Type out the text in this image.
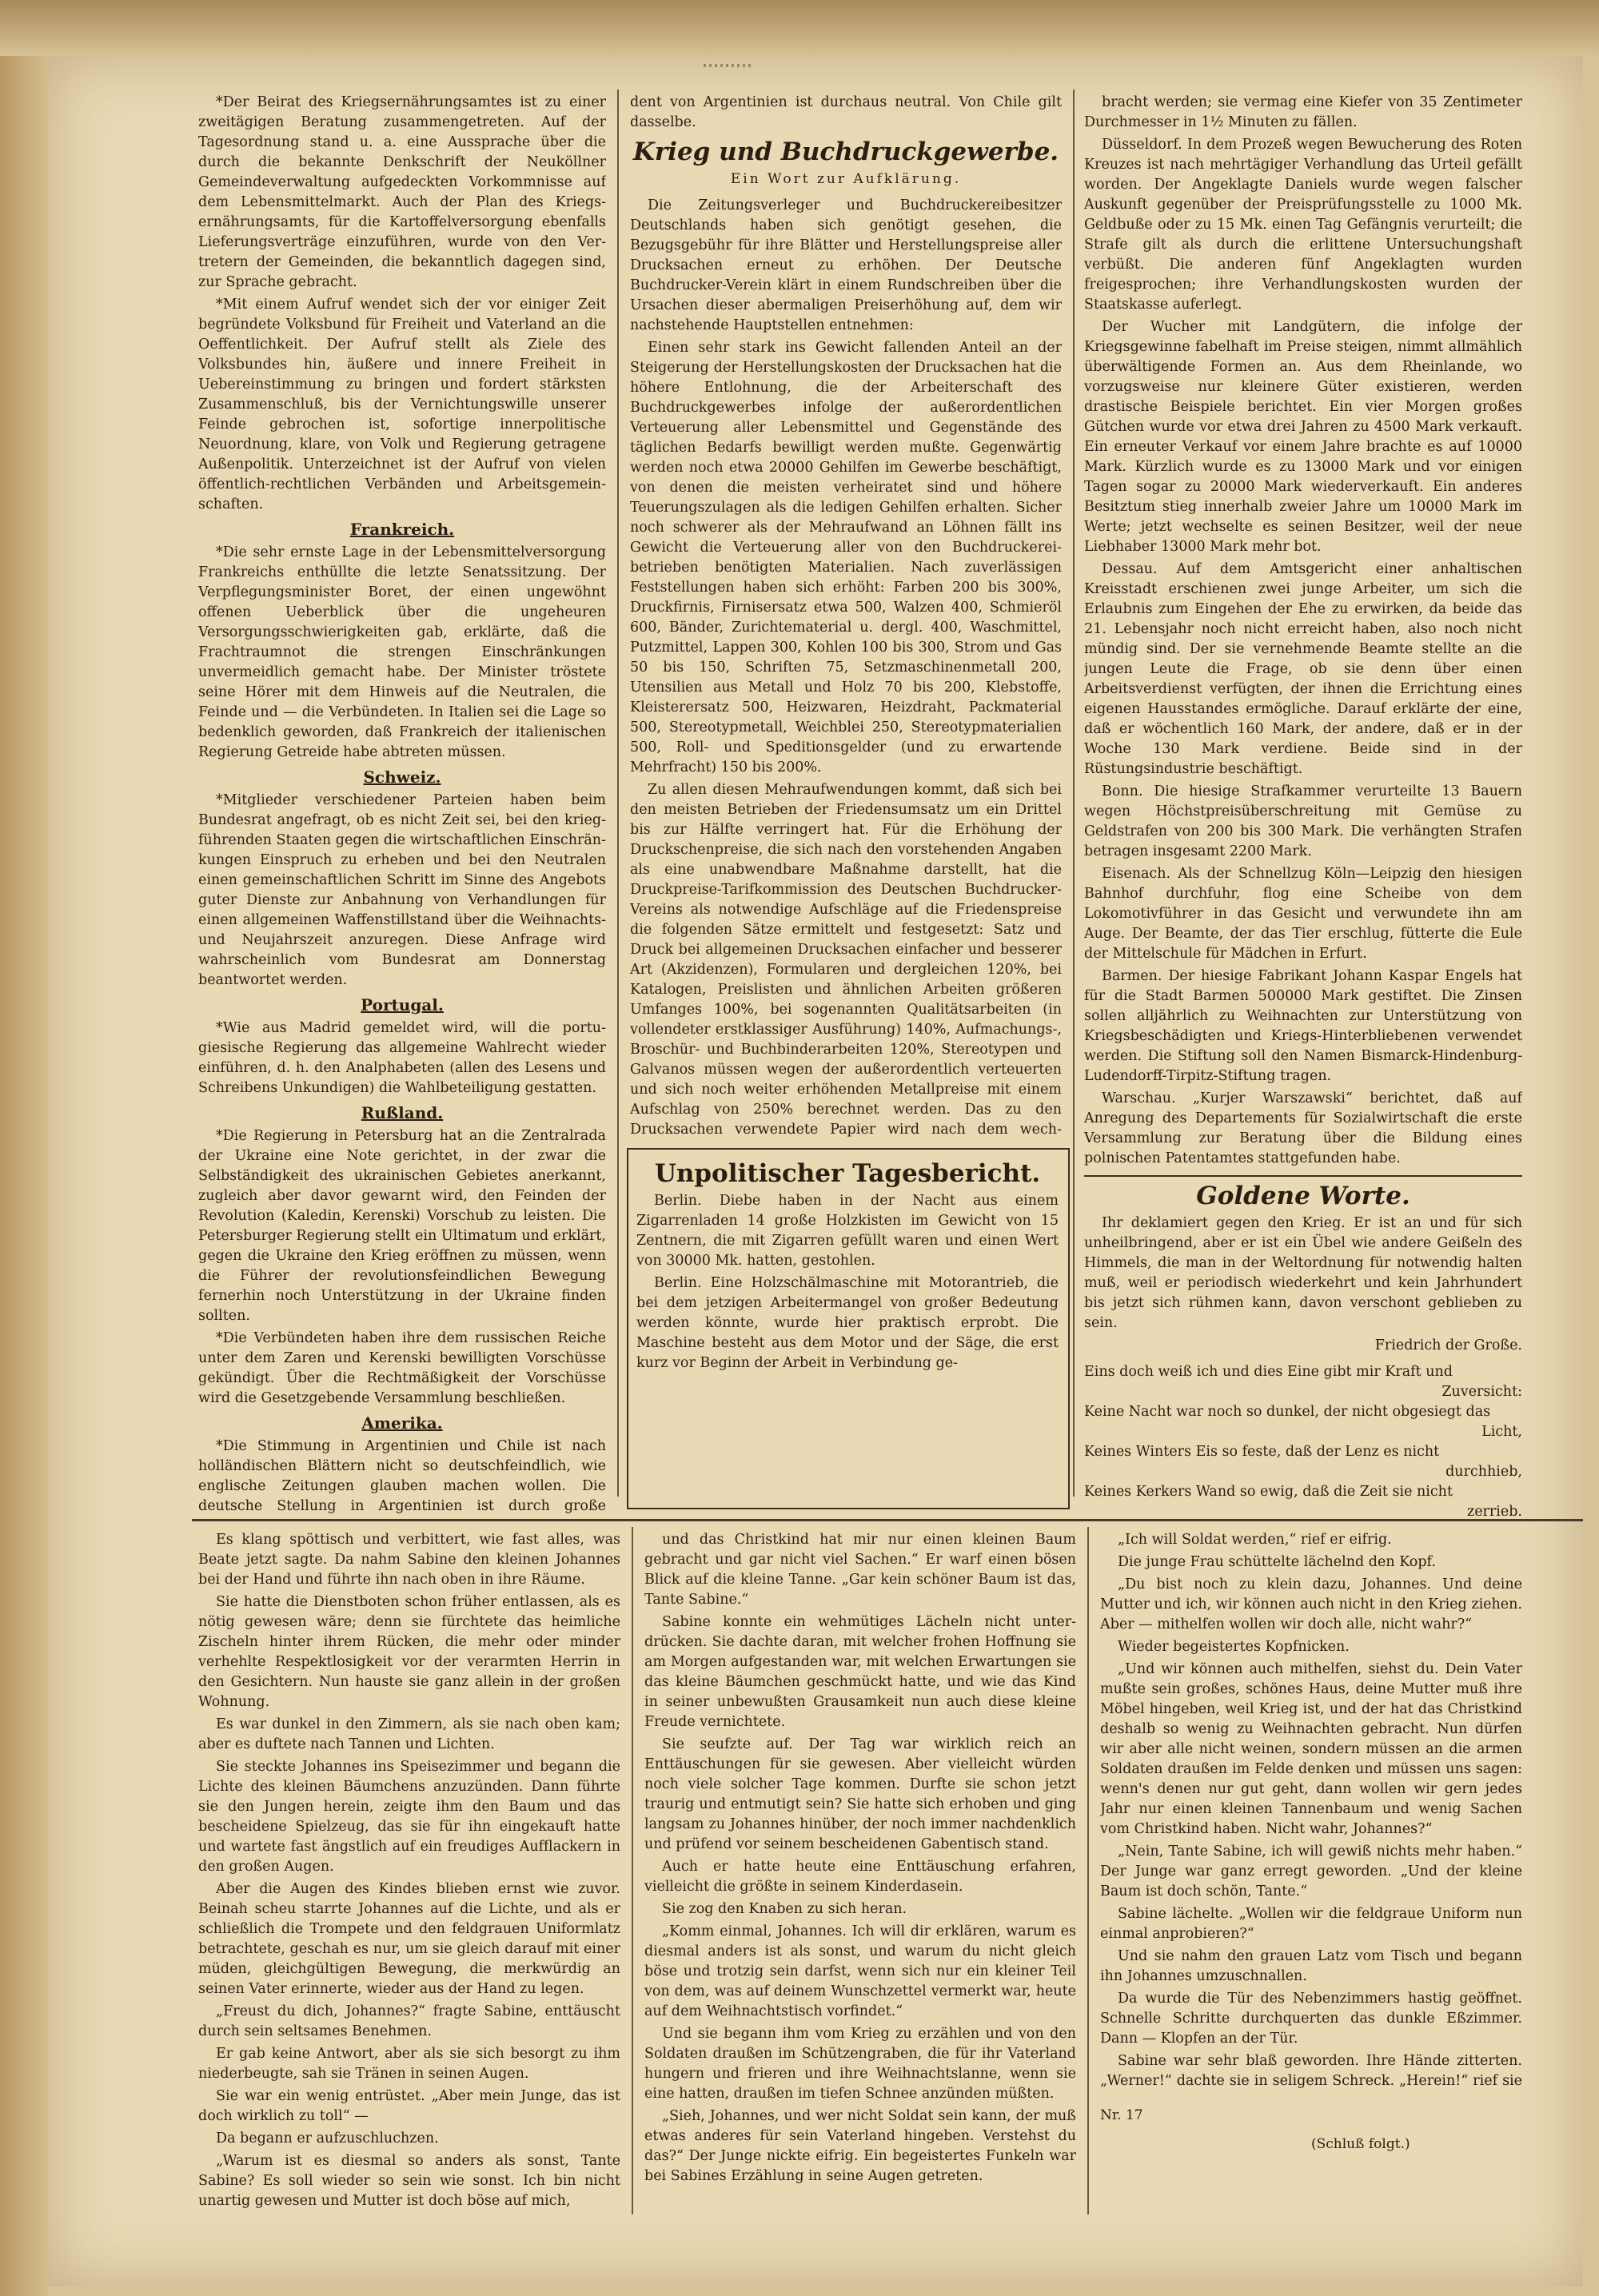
*Der Beirat des Kriegsernährungsamtes ist zu einer zweitägigen Beratung zusammengetreten. Auf der Tagesordnung stand u. a. eine Aussprache über die durch die bekannte Denkschrift der Neuköllner Gemeindeverwaltung aufgedeckten Vorkommnisse auf dem Lebensmittelmarkt. Auch der Plan des Kriegsernährungsamts, für die Kartoffelversorgung ebenfalls Lieferungsverträge einzuführen, wurde von den Vertretern der Gemeinden, die bekanntlich dagegen sind, zur Sprache gebracht.

*Mit einem Aufruf wendet sich der vor einiger Zeit begründete Volksbund für Freiheit und Vaterland an die Oeffentlichkeit. Der Aufruf stellt als Ziele des Volksbundes hin, äußere und innere Freiheit in Uebereinstimmung zu bringen und fordert stärksten Zusammenschluß, bis der Vernichtungswille unserer Feinde gebrochen ist, sofortige innerpolitische Neuordnung, klare, von Volk und Regierung getragene Außenpolitik. Unterzeichnet ist der Aufruf von vielen öffentlich-rechtlichen Verbänden und Arbeitsgemeinschaften.

Frankreich.

*Die sehr ernste Lage in der Lebensmittelversorgung Frankreichs enthüllte die letzte Senatssitzung. Der Verpflegungsminister Boret, der einen ungewöhnt offenen Ueberblick über die ungeheuren Versorgungsschwierigkeiten gab, erklärte, daß die Frachtraumnot die strengen Einschränkungen unvermeidlich gemacht habe. Der Minister tröstete seine Hörer mit dem Hinweis auf die Neutralen, die Feinde und — die Verbündeten. In Italien sei die Lage so bedenklich geworden, daß Frankreich der italienischen Regierung Getreide habe abtreten müssen.

Schweiz.

*Mitglieder verschiedener Parteien haben beim Bundesrat angefragt, ob es nicht Zeit sei, bei den kriegführenden Staaten gegen die wirtschaftlichen Einschränkungen Einspruch zu erheben und bei den Neutralen einen gemeinschaftlichen Schritt im Sinne des Angebots guter Dienste zur Anbahnung von Verhandlungen für einen allgemeinen Waffenstillstand über die Weihnachts- und Neujahrszeit anzuregen. Diese Anfrage wird wahrscheinlich vom Bundesrat am Donnerstag beantwortet werden.

Portugal.

*Wie aus Madrid gemeldet wird, will die portugiesische Regierung das allgemeine Wahlrecht wieder einführen, d. h. den Analphabeten (allen des Lesens und Schreibens Unkundigen) die Wahlbeteiligung gestatten.

Rußland.

*Die Regierung in Petersburg hat an die Zentralrada der Ukraine eine Note gerichtet, in der zwar die Selbständigkeit des ukrainischen Gebietes anerkannt, zugleich aber davor gewarnt wird, den Feinden der Revolution (Kaledin, Kerenski) Vorschub zu leisten. Die Petersburger Regierung stellt ein Ultimatum und erklärt, gegen die Ukraine den Krieg eröffnen zu müssen, wenn die Führer der revolutionsfeindlichen Bewegung fernerhin noch Unterstützung in der Ukraine finden sollten.

*Die Verbündeten haben ihre dem russischen Reiche unter dem Zaren und Kerenski bewilligten Vorschüsse gekündigt. Über die Rechtmäßigkeit der Vorschüsse wird die Gesetzgebende Versammlung beschließen.

Amerika.

*Die Stimmung in Argentinien und Chile ist nach holländischen Blättern nicht so deutschfeindlich, wie englische Zeitungen glauben machen wollen. Die deutsche Stellung in Argentinien ist durch große

dent von Argentinien ist durchaus neutral. Von Chile gilt dasselbe.

Krieg und Buchdruckgewerbe.
Ein Wort zur Aufklärung.

Die Zeitungsverleger und Buchdruckereibesitzer Deutschlands haben sich genötigt gesehen, die Bezugsgebühr für ihre Blätter und Herstellungspreise aller Drucksachen erneut zu erhöhen. Der Deutsche Buchdrucker-Verein klärt in einem Rundschreiben über die Ursachen dieser abermaligen Preiserhöhung auf, dem wir nachstehende Hauptstellen entnehmen:

Einen sehr stark ins Gewicht fallenden Anteil an der Steigerung der Herstellungskosten der Drucksachen hat die höhere Entlohnung, die der Arbeiterschaft des Buchdruckgewerbes infolge der außerordentlichen Verteuerung aller Lebensmittel und Gegenstände des täglichen Bedarfs bewilligt werden mußte. Gegenwärtig werden noch etwa 20000 Gehilfen im Gewerbe beschäftigt, von denen die meisten verheiratet sind und höhere Teuerungszulagen als die ledigen Gehilfen erhalten. Sicher noch schwerer als der Mehraufwand an Löhnen fällt ins Gewicht die Verteuerung aller von den Buchdruckereibetrieben benötigten Materialien. Nach zuverlässigen Feststellungen haben sich erhöht: Farben 200 bis 300%, Druckfirnis, Firnisersatz etwa 500, Walzen 400, Schmieröl 600, Bänder, Zurichtematerial u. dergl. 400, Waschmittel, Putzmittel, Lappen 300, Kohlen 100 bis 300, Strom und Gas 50 bis 150, Schriften 75, Setzmaschinenmetall 200, Utensilien aus Metall und Holz 70 bis 200, Klebstoffe, Kleisterersatz 500, Heizwaren, Heizdraht, Packmaterial 500, Stereotypmetall, Weichblei 250, Stereotypmaterialien 500, Roll- und Speditionsgelder (und zu erwartende Mehrfracht) 150 bis 200%.

Zu allen diesen Mehraufwendungen kommt, daß sich bei den meisten Betrieben der Friedensumsatz um ein Drittel bis zur Hälfte verringert hat. Für die Erhöhung der Druckschenpreise, die sich nach den vorstehenden Angaben als eine unabwendbare Maßnahme darstellt, hat die Druckpreise-Tarifkommission des Deutschen Buchdrucker-Vereins als notwendige Aufschläge auf die Friedenspreise die folgenden Sätze ermittelt und festgesetzt: Satz und Druck bei allgemeinen Drucksachen einfacher und besserer Art (Akzidenzen), Formularen und dergleichen 120%, bei Katalogen, Preislisten und ähnlichen Arbeiten größeren Umfanges 100%, bei sogenannten Qualitätsarbeiten (in vollendeter erstklassiger Ausführung) 140%, Aufmachungs-, Broschür- und Buchbinderarbeiten 120%, Stereotypen und Galvanos müssen wegen der außerordentlich verteuerten und sich noch weiter erhöhenden Metallpreise mit einem Aufschlag von 250% berechnet werden. Das zu den Drucksachen verwendete Papier wird nach dem wech

Unpolitischer Tagesbericht.

Berlin. Diebe haben in der Nacht aus einem Zigarrenladen 14 große Holzkisten im Gewicht von 15 Zentnern, die mit Zigarren gefüllt waren und einen Wert von 30000 Mk. hatten, gestohlen.

Berlin. Eine Holzschälmaschine mit Motorantrieb, die bei dem jetzigen Arbeitermangel von großer Bedeutung werden könnte, wurde hier praktisch erprobt. Die Maschine besteht aus dem Motor und der Säge, die erst kurz vor Beginn der Arbeit in Verbindung ge-

bracht werden; sie vermag eine Kiefer von 35 Zentimeter Durchmesser in 1½ Minuten zu fällen.

Düsseldorf. In dem Prozeß wegen Bewucherung des Roten Kreuzes ist nach mehrtägiger Verhandlung das Urteil gefällt worden. Der Angeklagte Daniels wurde wegen falscher Auskunft gegenüber der Preisprüfungsstelle zu 1000 Mk. Geldbuße oder zu 15 Mk. einen Tag Gefängnis verurteilt; die Strafe gilt als durch die erlittene Untersuchungshaft verbüßt. Die anderen fünf Angeklagten wurden freigesprochen; ihre Verhandlungskosten wurden der Staatskasse auferlegt.

Der Wucher mit Landgütern, die infolge der Kriegsgewinne fabelhaft im Preise steigen, nimmt allmählich überwältigende Formen an. Aus dem Rheinlande, wo vorzugsweise nur kleinere Güter existieren, werden drastische Beispiele berichtet. Ein vier Morgen großes Gütchen wurde vor etwa drei Jahren zu 4500 Mark verkauft. Ein erneuter Verkauf vor einem Jahre brachte es auf 10000 Mark. Kürzlich wurde es zu 13000 Mark und vor einigen Tagen sogar zu 20000 Mark wiederverkauft. Ein anderes Besitztum stieg innerhalb zweier Jahre um 10000 Mark im Werte; jetzt wechselte es seinen Besitzer, weil der neue Liebhaber 13000 Mark mehr bot.

Dessau. Auf dem Amtsgericht einer anhaltischen Kreisstadt erschienen zwei junge Arbeiter, um sich die Erlaubnis zum Eingehen der Ehe zu erwirken, da beide das 21. Lebensjahr noch nicht erreicht haben, also noch nicht mündig sind. Der sie vernehmende Beamte stellte an die jungen Leute die Frage, ob sie denn über einen Arbeitsverdienst verfügten, der ihnen die Errichtung eines eigenen Hausstandes ermögliche. Darauf erklärte der eine, daß er wöchentlich 160 Mark, der andere, daß er in der Woche 130 Mark verdiene. Beide sind in der Rüstungsindustrie beschäftigt.

Bonn. Die hiesige Strafkammer verurteilte 13 Bauern wegen Höchstpreisüberschreitung mit Gemüse zu Geldstrafen von 200 bis 300 Mark. Die verhängten Strafen betragen insgesamt 2200 Mark.

Eisenach. Als der Schnellzug Köln—Leipzig den hiesigen Bahnhof durchfuhr, flog eine Scheibe von dem Lokomotivführer in das Gesicht und verwundete ihn am Auge. Der Beamte, der das Tier erschlug, fütterte die Eule der Mittelschule für Mädchen in Erfurt.

Barmen. Der hiesige Fabrikant Johann Kaspar Engels hat für die Stadt Barmen 500000 Mark gestiftet. Die Zinsen sollen alljährlich zu Weihnachten zur Unterstützung von Kriegsbeschädigten und Kriegs-Hinterbliebenen verwendet werden. Die Stiftung soll den Namen Bismarck-Hindenburg-Ludendorff-Tirpitz-Stiftung tragen.

Warschau. „Kurjer Warszawski“ berichtet, daß auf Anregung des Departements für Sozialwirtschaft die erste Versammlung zur Beratung über die Bildung eines polnischen Patentamtes stattgefunden habe.

Goldene Worte.

Ihr deklamiert gegen den Krieg. Er ist an und für sich unheilbringend, aber er ist ein Übel wie andere Geißeln des Himmels, die man in der Weltordnung für notwendig halten muß, weil er periodisch wiederkehrt und kein Jahrhundert bis jetzt sich rühmen kann, davon verschont geblieben zu sein.

Friedrich der Große.
Eins doch weiß ich und dies Eine gibt mir Kraft und
Zuversicht:
Keine Nacht war noch so dunkel, der nicht obgesiegt das
Licht,
Keines Winters Eis so feste, daß der Lenz es nicht
durchhieb,
Keines Kerkers Wand so ewig, daß die Zeit sie nicht
zerrieb.

Es klang spöttisch und verbittert, wie fast alles, was Beate jetzt sagte. Da nahm Sabine den kleinen Johannes bei der Hand und führte ihn nach oben in ihre Räume.

Sie hatte die Dienstboten schon früher entlassen, als es nötig gewesen wäre; denn sie fürchtete das heimliche Zischeln hinter ihrem Rücken, die mehr oder minder verhehlte Respektlosigkeit vor der verarmten Herrin in den Gesichtern. Nun hauste sie ganz allein in der großen Wohnung.

Es war dunkel in den Zimmern, als sie nach oben kam; aber es duftete nach Tannen und Lichten.

Sie steckte Johannes ins Speisezimmer und begann die Lichte des kleinen Bäumchens anzuzünden. Dann führte sie den Jungen herein, zeigte ihm den Baum und das bescheidene Spielzeug, das sie für ihn eingekauft hatte und wartete fast ängstlich auf ein freudiges Aufflackern in den großen Augen.

Aber die Augen des Kindes blieben ernst wie zuvor. Beinah scheu starrte Johannes auf die Lichte, und als er schließlich die Trompete und den feldgrauen Uniformlatz betrachtete, geschah es nur, um sie gleich darauf mit einer müden, gleichgültigen Bewegung, die merkwürdig an seinen Vater erinnerte, wieder aus der Hand zu legen.

„Freust du dich, Johannes?“ fragte Sabine, enttäuscht durch sein seltsames Benehmen.

Er gab keine Antwort, aber als sie sich besorgt zu ihm niederbeugte, sah sie Tränen in seinen Augen.

Sie war ein wenig entrüstet. „Aber mein Junge, das ist doch wirklich zu toll“ —

Da begann er aufzuschluchzen.

„Warum ist es diesmal so anders als sonst, Tante Sabine? Es soll wieder so sein wie sonst. Ich bin nicht unartig gewesen und Mutter ist doch böse auf mich,

und das Christkind hat mir nur einen kleinen Baum gebracht und gar nicht viel Sachen.“ Er warf einen bösen Blick auf die kleine Tanne. „Gar kein schöner Baum ist das, Tante Sabine.“

Sabine konnte ein wehmütiges Lächeln nicht unterdrücken. Sie dachte daran, mit welcher frohen Hoffnung sie am Morgen aufgestanden war, mit welchen Erwartungen sie das kleine Bäumchen geschmückt hatte, und wie das Kind in seiner unbewußten Grausamkeit nun auch diese kleine Freude vernichtete.

Sie seufzte auf. Der Tag war wirklich reich an Enttäuschungen für sie gewesen. Aber vielleicht würden noch viele solcher Tage kommen. Durfte sie schon jetzt traurig und entmutigt sein? Sie hatte sich erhoben und ging langsam zu Johannes hinüber, der noch immer nachdenklich und prüfend vor seinem bescheidenen Gabentisch stand.

Auch er hatte heute eine Enttäuschung erfahren, vielleicht die größte in seinem Kinderdasein.

Sie zog den Knaben zu sich heran.

„Komm einmal, Johannes. Ich will dir erklären, warum es diesmal anders ist als sonst, und warum du nicht gleich böse und trotzig sein darfst, wenn sich nur ein kleiner Teil von dem, was auf deinem Wunschzettel vermerkt war, heute auf dem Weihnachtstisch vorfindet.“

Und sie begann ihm vom Krieg zu erzählen und von den Soldaten draußen im Schützengraben, die für ihr Vaterland hungern und frieren und ihre Weihnachtslanne, wenn sie eine hatten, draußen im tiefen Schnee anzünden müßten.

„Sieh, Johannes, und wer nicht Soldat sein kann, der muß etwas anderes für sein Vaterland hingeben. Verstehst du das?“ Der Junge nickte eifrig. Ein begeistertes Funkeln war bei Sabines Erzählung in seine Augen getreten.

„Ich will Soldat werden,“ rief er eifrig.

Die junge Frau schüttelte lächelnd den Kopf.

„Du bist noch zu klein dazu, Johannes. Und deine Mutter und ich, wir können auch nicht in den Krieg ziehen. Aber — mithelfen wollen wir doch alle, nicht wahr?“

Wieder begeistertes Kopfnicken.

„Und wir können auch mithelfen, siehst du. Dein Vater mußte sein großes, schönes Haus, deine Mutter muß ihre Möbel hingeben, weil Krieg ist, und der hat das Christkind deshalb so wenig zu Weihnachten gebracht. Nun dürfen wir aber alle nicht weinen, sondern müssen an die armen Soldaten draußen im Felde denken und müssen uns sagen: wenn's denen nur gut geht, dann wollen wir gern jedes Jahr nur einen kleinen Tannenbaum und wenig Sachen vom Christkind haben. Nicht wahr, Johannes?“

„Nein, Tante Sabine, ich will gewiß nichts mehr haben.“ Der Junge war ganz erregt geworden. „Und der kleine Baum ist doch schön, Tante.“

Sabine lächelte. „Wollen wir die feldgraue Uniform nun einmal anprobieren?“

Und sie nahm den grauen Latz vom Tisch und begann ihn Johannes umzuschnallen.

Da wurde die Tür des Nebenzimmers hastig geöffnet. Schnelle Schritte durchquerten das dunkle Eßzimmer. Dann — Klopfen an der Tür.

Sabine war sehr blaß geworden. Ihre Hände zitterten. „Werner!“ dachte sie in seligem Schreck. „Herein!“ rief sie

Nr. 17
(Schluß folgt.)
